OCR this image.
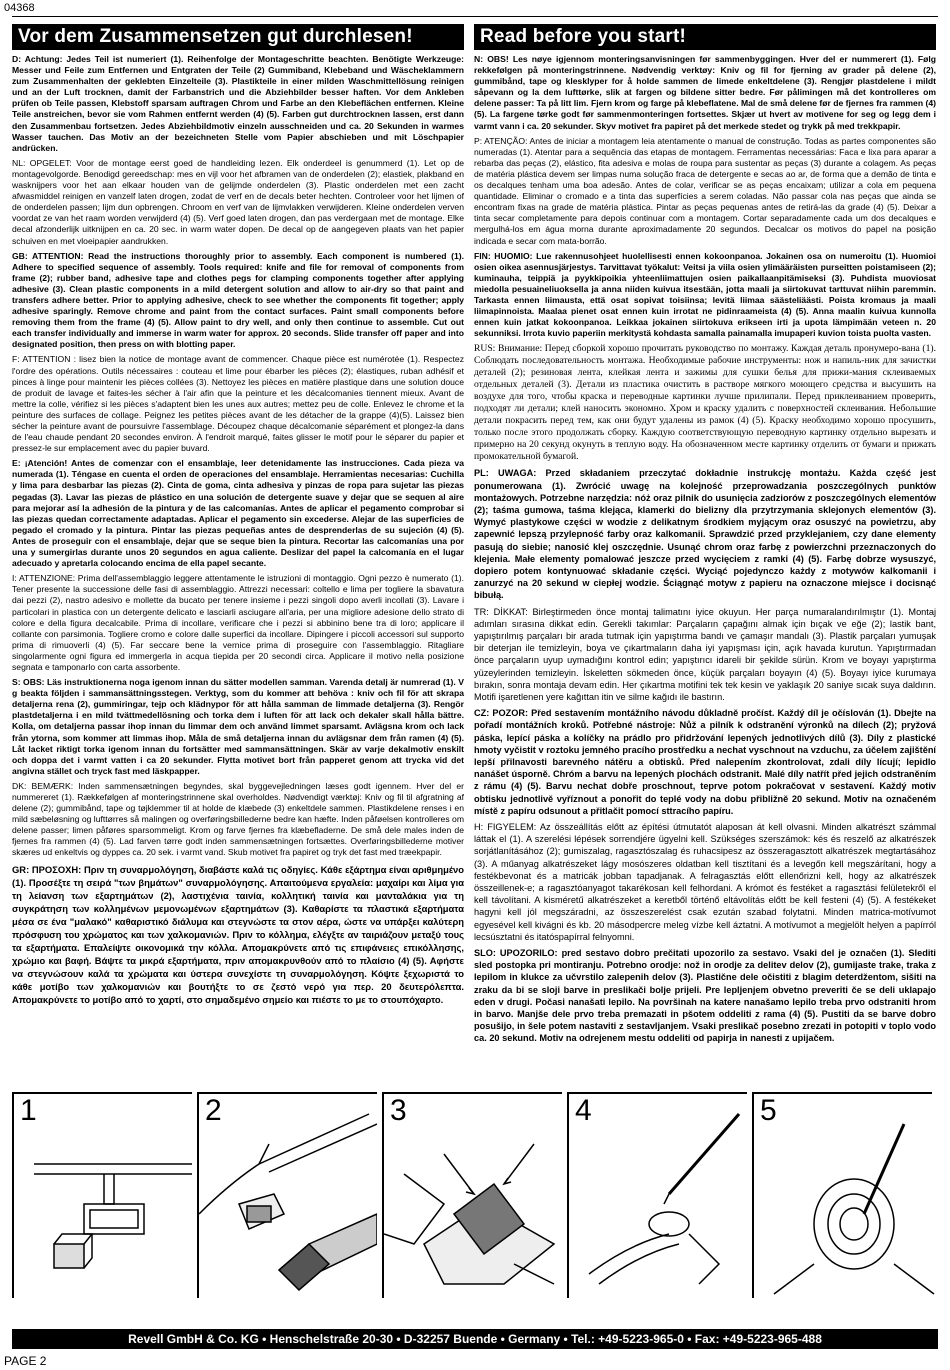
04368
Vor dem Zusammensetzen gut durchlesen!

D: Achtung: Jedes Teil ist numeriert (1). Reihenfolge der Montageschritte beachten. Benötigte Werkzeuge: Messer und Feile zum Entfernen und Entgraten der Teile (2) Gummiband, Klebeband und Wäscheklammern zum Zusammenhalten der geklebten Einzelteile (3). Plastikteile in einer milden Waschmittellösung reinigen und an der Luft trocknen, damit der Farbanstrich und die Abziehbilder besser haften. Vor dem Ankleben prüfen ob Teile passen, Klebstoff sparsam auftragen Chrom und Farbe an den Klebeflächen entfernen. Kleine Teile anstreichen, bevor sie vom Rahmen entfernt werden (4) (5). Farben gut durchtrocknen lassen, erst dann den Zusammenbau fortsetzen. Jedes Abziehbildmotiv einzeln ausschneiden und ca. 20 Sekunden in warmes Wasser tauchen. Das Motiv an der bezeichneten Stelle vom Papier abschieben und mit Löschpapier andrücken.

NL: OPGELET: Voor de montage eerst goed de handleiding lezen. Elk onderdeel is genummerd (1). Let op de montagevolgorde. Benodigd gereedschap: mes en vijl voor het afbramen van de onderdelen (2); elastiek, plakband en wasknijpers voor het aan elkaar houden van de gelijmde onderdelen (3). Plastic onderdelen met een zacht afwasmiddel reinigen en vanzelf laten drogen, zodat de verf en de decals beter hechten. Controleer voor het lijmen of de onderdelen passen; lijm dun opbrengen. Chroom en verf van de lijmvlakken verwijderen. Kleine onderdelen verven voordat ze van het raam worden verwijderd (4) (5). Verf goed laten drogen, dan pas verdergaan met de montage. Elke decal afzonderlijk uitknijpen en ca. 20 sec. in warm water dopen. De decal op de aangegeven plaats van het papier schuiven en met vloeipapier aandrukken.

GB: ATTENTION: Read the instructions thoroughly prior to assembly. Each component is numbered (1). Adhere to specified sequence of assembly. Tools required: knife and file for removal of components from frame (2); rubber band, adhesive tape and clothes pegs for clamping components together after applying adhesive (3). Clean plastic components in a mild detergent solution and allow to air-dry so that paint and transfers adhere better. Prior to applying adhesive, check to see whether the components fit together; apply adhesive sparingly. Remove chrome and paint from the contact surfaces. Paint small components before removing them from the frame (4) (5). Allow paint to dry well, and only then continue to assemble. Cut out each transfer individually and immerse in warm water for approx. 20 seconds. Slide transfer off paper and into designated position, then press on with blotting paper.

F: ATTENTION : lisez bien la notice de montage avant de commencer. Chaque pièce est numérotée (1). Respectez l'ordre des opérations. Outils nécessaires : couteau et lime pour ébarber les pièces (2); élastiques, ruban adhésif et pinces à linge pour maintenir les pièces collées (3). Nettoyez les pièces en matière plastique dans une solution douce de produit de lavage et faites-les sécher à l'air afin que la peinture et les décalcomanies tiennent mieux. Avant de mettre la colle, vérifiez si les pièces s'adaptent bien les unes aux autres; mettez peu de colle. Enlevez le chrome et la peinture des surfaces de collage. Peignez les petites pièces avant de les détacher de la grappe (4)(5). Laissez bien sécher la peinture avant de poursuivre l'assemblage. Découpez chaque décalcomanie séparément et plongez-la dans de l'eau chaude pendant 20 secondes environ. À l'endroit marqué, faites glisser le motif pour le séparer du papier et pressez-le sur emplacement avec du papier buvard.

E: ¡Atención! Antes de comenzar con el ensamblaje, leer detenidamente las instrucciones. Cada pieza va numerada (1). Téngase en cuenta el orden de operaciones del ensamblaje. Herramientas necesarias: Cuchilla y lima para desbarbar las piezas (2). Cinta de goma, cinta adhesiva y pinzas de ropa para sujetar las piezas pegadas (3). Lavar las piezas de plástico en una solución de detergente suave y dejar que se sequen al aire para mejorar así la adhesión de la pintura y de las calcomanías. Antes de aplicar el pegamento comprobar si las piezas quedan correctamente adaptadas. Aplicar el pegamento sin excederse. Alejar de las superficies de pegado el cromado y la pintura. Pintar las piezas pequeñas antes de desprenderlas de su sujeción (4) (5). Antes de proseguir con el ensamblaje, dejar que se seque bien la pintura. Recortar las calcomanías una por una y sumergirlas durante unos 20 segundos en agua caliente. Deslizar del papel la calcomanía en el lugar adecuado y apretarla colocando encima de ella papel secante.

I: ATTENZIONE: Prima dell'assemblaggio leggere attentamente le istruzioni di montaggio. Ogni pezzo è numerato (1). Tener presente la successione delle fasi di assemblaggio. Attrezzi necessari: coltello e lima per togliere la sbavatura dai pezzi (2), nastro adesivo e mollette da bucato per tenere insieme i pezzi singoli dopo averli incollati (3). Lavare i particolari in plastica con un detergente delicato e lasciarli asciugare all'aria, per una migliore adesione dello strato di colore e della figura decalcabile. Prima di incollare, verificare che i pezzi si abbinino bene tra di loro; applicare il collante con parsimonia. Togliere cromo e colore dalle superfici da incollare. Dipingere i piccoli accessori sul supporto prima di rimuoverli (4) (5). Far seccare bene la vernice prima di proseguire con l'assemblaggio. Ritagliare singolarmente ogni figura ed immergerla in acqua tiepida per 20 secondi circa. Applicare il motivo nella posizione segnata e tamponarlo con carta assorbente.

S: OBS: Läs instruktionerna noga igenom innan du sätter modellen samman. Varenda detalj är numrerad (1). V g beakta följden i sammansättningsstegen. Verktyg, som du kommer att behöva : kniv och fil för att skrapa detaljerna rena (2), gummiringar, tejp och klädnypor för att hålla samman de limmade detaljerna (3). Rengör plastdetaljerna i en mild tvättmedellösning och torka dem i luften för att lack och dekaler skall hålla bättre. Kolla, om detaljerna passar ihop innan du limmar dem och använd limmet sparsamt. Avlägsna krom och lack från ytorna, som kommer att limmas ihop. Måla de små detaljerna innan du avlägsnar dem från ramen (4) (5). Låt lacket riktigt torka igenom innan du fortsätter med sammansättningen. Skär av varje dekalmotiv enskilt och doppa det i varmt vatten i ca 20 sekunder. Flytta motivet bort från papperet genom att trycka vid det angivna stället och tryck fast med läskpapper.

DK: BEMÆRK: Inden sammensætningen begyndes, skal byggevejledningen læses godt igennem. Hver del er nummereret (1). Rækkefølgen af monteringstrinnene skal overholdes. Nødvendigt værktøj: Kniv og fil til afgratning af delene (2); gummibånd, tape og tøjklemmer til at holde de klæbede (3) enkeltdele sammen. Plastikdelene renses i en mild sæbeløsning og lufttørres så malingen og overføringsbillederne bedre kan hæfte. Inden påføelsen kontrolleres om delene passer; limen påføres sparsommeligt. Krom og farve fjernes fra klæbefladerne. De små dele males inden de fjernes fra rammen (4) (5). Lad farven tørre godt inden sammensætningen fortsættes. Overføringsbillederne motiver skæres ud enkeltvis og dyppes ca. 20 sek. i varmt vand. Skub motivet fra papiret og tryk det fast med træekpapir.

GR: ΠΡΟΣΟΧΗ: Πριν τη συναρμολόγηση, διαβάστε καλά τις οδηγίες. Κάθε εξάρτημα είναι αριθμημένο (1). Προσέξτε τη σειρά "των βημάτων" συναρμολόγησης. Απαιτούμενα εργαλεία: μαχαίρι και λίμα για τη λείανση των εξαρτημάτων (2), λαστιχένια ταινία, κολλητική ταινία και μανταλάκια για τη συγκράτηση των κολλημένων μεμονωμένων εξαρτημάτων (3). Καθαρίστε τα πλαστικά εξαρτήματα μέσα σε ένα "μαλακό" καθαριστικό διάλυμα και στεγνώστε τα στον αέρα, ώστε να υπάρξει καλύτερη πρόσφυση του χρώματος και των χαλκομανιών. Πριν το κόλλημα, ελέγξτε αν ταιριάζουν μεταξύ τους τα εξαρτήματα. Επαλείψτε οικονομικά την κόλλα. Απομακρύνετε από τις επιφάνειες επικόλλησης, χρώμιο και βαφή. Βάψτε τα μικρά εξαρτήματα, πριν απομακρυνθούν από το πλαίσιο (4) (5). Αφήστε να στεγνώσουν καλά τα χρώματα και ύστερα συνεχίστε τη συναρμολόγηση. Κόψτε ξεχωριστά το κάθε μοτίβο των χαλκομανιών και βουτήξτε το σε ζεστό νερό για περ. 20 δευτερόλεπτα. Απομακρύνετε το μοτίβο από το χαρτί, στο σημαδεμένο σημείο και πιέστε το με το στουπόχαρτο.

Read before you start!

N: OBS! Les nøye igjennom monteringsanvisningen før sammenbyggingen. Hver del er nummerert (1). Følg rekkefølgen på monteringstrinnene. Nødvendig verktøy: Kniv og fil for fjerning av grader på delene (2), gummibånd, tape og klesklyper for å holde sammen de limede enkeltdelene (3). Rengjør plastdelene i mildt såpevann og la dem lufttørke, slik at fargen og bildene sitter bedre. Før pålimingen må det kontrolleres om delene passer: Ta på litt lim. Fjern krom og farge på klebeflatene. Mal de små delene før de fjernes fra rammen (4) (5). La fargene tørke godt før sammenmonteringen fortsettes. Skjær ut hvert av motivene for seg og legg dem i varmt vann i ca. 20 sekunder. Skyv motivet fra papiret på det merkede stedet og trykk på med trekkpapir.

P: ATENÇÃO: Antes de iniciar a montagem leia atentamente o manual de construção. Todas as partes componentes são numeradas (1). Atentar para a sequência das etapas de montagem. Ferramentas necessárias: Faca e lixa para aparar a rebarba das peças (2), elástico, fita adesiva e molas de roupa para sustentar as peças (3) durante a colagem. As peças de matéria plástica devem ser limpas numa solução fraca de detergente e secas ao ar, de forma que a demão de tinta e os decalques tenham uma boa adesão. Antes de colar, verificar se as peças encaixam; utilizar a cola em pequena quantidade. Eliminar o cromado e a tinta das superfícies a serem coladas. Não passar cola nas peças que ainda se encontram fixas na grade de matéria plástica. Pintar as peças pequenas antes de retirá-las da grade (4) (5). Deixar a tinta secar completamente para depois continuar com a montagem. Cortar separadamente cada um dos decalques e mergulhá-los em água morna durante aproximadamente 20 segundos. Decalcar os motivos do papel na posição indicada e secar com mata-borrão.

FIN: HUOMIO: Lue rakennusohjeet huolellisesti ennen kokoonpanoa. Jokainen osa on numeroitu (1). Huomioi osien oikea asennusjärjestys. Tarvittavat työkalut: Veitsi ja viila osien ylimääräisten purseitten poistamiseen (2); kuminauha, teippiä ja pyykkipoikia yhteenliimattujen osien paikallaanpitämiseksi (3). Puhdista muoviosat miedolla pesuaineliuoksella ja anna niiden kuivua itsestään, jotta maali ja siirtokuvat tarttuvat niihin paremmin. Tarkasta ennen liimausta, että osat sopivat toisiinsa; levitä liimaa säästeliäästi. Poista kromaus ja maali liimapinnoista. Maalaa pienet osat ennen kuin irrotat ne pidinraameista (4) (5). Anna maalin kuivua kunnolla ennen kuin jatkat kokoonpanoa. Leikkaa jokainen siirtokuva erikseen irti ja upota lämpimään veteen n. 20 sekunniksi. Irrota kuvio paperiin merkitystä kohdasta samalla painamalla imupaperi kuvion toista puolta vasten.

RUS: Внимание: Перед сборкой хорошо прочитать руководство по монтажу. Каждая деталь пронумеро-вана (1). Соблюдать последовательность монтажа. Необходимые рабочие инструменты: нож и напиль-ник для зачистки деталей (2); резиновая лента, клейкая лента и зажимы для сушки белья для прижи-мания склеиваемых отдельных деталей (3). Детали из пластика очистить в растворе мягкого моющего средства и высушить на воздухе для того, чтобы краска и переводные картинки лучше прилипали. Перед приклеиванием проверить, подходят ли детали; клей наносить экономно. Хром и краску удалить с поверхностей склеивания. Небольшие детали покрасить перед тем, как они будут удалены из рамок (4) (5). Краску необходимо хорошо просушить, только после этого продолжать сборку. Каждую соответствующую переводную картинку отдельно вырезать и примерно на 20 секунд окунуть в теплую воду. На обозначенном месте картинку отделить от бумаги и прижать промокательной бумагой.

PL: UWAGA: Przed składaniem przeczytać dokładnie instrukcję montażu. Każda część jest ponumerowana (1). Zwrócić uwagę na kolejność przeprowadzania poszczególnych punktów montażowych. Potrzebne narzędzia: nóż oraz pilnik do usunięcia zadziorów z poszczególnych elementów (2); taśma gumowa, taśma klejąca, klamerki do bielizny dla przytrzymania sklejonych elementów (3). Wymyć plastykowe części w wodzie z delikatnym środkiem myjącym oraz osuszyć na powietrzu, aby zapewnić lepszą przylepność farby oraz kalkomanii. Sprawdzić przed przyklejaniem, czy dane elementy pasują do siebie; nanosić klej oszczędnie. Usunąć chrom oraz farbę z powierzchni przeznaczonych do klejenia. Małe elementy pomalować jeszcze przed wycięciem z ramki (4) (5). Farbę dobrze wysuszyć, dopiero potem kontynuować składanie części. Wyciąć pojedynczo każdy z motywów kalkomanii i zanurzyć na 20 sekund w ciepłej wodzie. Ściągnąć motyw z papieru na oznaczone miejsce i docisnąć bibułą.

TR: DİKKAT: Birleştirmeden önce montaj talimatını iyice okuyun. Her parça numaralandırılmıştır (1). Montaj adımları sırasına dikkat edin. Gerekli takımlar: Parçaların çapağını almak için bıçak ve eğe (2); lastik bant, yapıştırılmış parçaları bir arada tutmak için yapıştırma bandı ve çamaşır mandalı (3). Plastik parçaları yumuşak bir deterjan ile temizleyin, boya ve çıkartmaların daha iyi yapışması için, açık havada kurutun. Yapıştırmadan önce parçaların uyup uymadığını kontrol edin; yapıştırıcı idareli bir şekilde sürün. Krom ve boyayı yapıştırma yüzeylerinden temizleyin. İskeletten sökmeden önce, küçük parçaları boyayın (4) (5). Boyayı iyice kurumaya bırakın, sonra montaja devam edin. Her çıkartma motifini tek tek kesin ve yaklaşık 20 saniye sıcak suya daldırın. Motifi işaretlenen yere kağıttan itin ve silme kağıdı ile bastırın.

CZ: POZOR: Před sestavením montážního návodu důkladně pročíst. Každý díl je očíslován (1). Dbejte na pořadí montážních kroků. Potřebné nástroje: Nůž a pilník k odstranění výronků na dílech (2); pryžová páska, lepící páska a kolíčky na prádlo pro přidržování lepených jednotlivých dílů (3). Díly z plastické hmoty vyčistit v roztoku jemného pracího prostředku a nechat vyschnout na vzduchu, za účelem zajištění lepší přilnavosti barevného nátěru a obtisků. Před nalepením zkontrolovat, zdali díly lícují; lepidlo nanášet úsporně. Chróm a barvu na lepených plochách odstranit. Malé díly natřít před jejich odstraněním z rámu (4) (5). Barvu nechat dobře proschnout, teprve potom pokračovat v sestavení. Každý motiv obtisku jednotlivě vyříznout a ponořit do teplé vody na dobu přibližně 20 sekund. Motiv na označeném místě z papíru odsunout a přitlačit pomocí sttracího papíru.

H: FIGYELEM: Az összeállítás előtt az építési útmutatót alaposan át kell olvasni. Minden alkatrészt számmal láttak el (1). A szerelési lépések sorrendjére ügyelni kell. Szükséges szerszámok: kés és reszelő az alkatrészek sorjátlanításához (2); gumiszalag, ragasztószalag és ruhacsipesz az összeragasztott alkatrészek megtartásához (3). A műanyag alkatrészeket lágy mosószeres oldatban kell tisztítani és a levegőn kell megszárítani, hogy a festékbevonat és a matricák jobban tapadjanak. A felragasztás előtt ellenőrizni kell, hogy az alkatrészek összeillenek-e; a ragasztóanyagot takarékosan kell felhordani. A krómot és festéket a ragasztási felületekről el kell távolítani. A kisméretű alkatrészeket a keretből történő eltávolítás előtt be kell festeni (4) (5). A festékeket hagyni kell jól megszáradni, az összeszerelést csak ezután szabad folytatni. Minden matrica-motívumot egyesével kell kivágni és kb. 20 másodpercre meleg vízbe kell áztatni. A motívumot a megjelölt helyen a papírról lecsúsztatni és itatóspapírral felnyomni.

SLO: UPOZORILO: pred sestavo dobro prečitati upozorilo za sestavo. Vsaki del je označen (1). Slediti sled postopka pri montiranju. Potrebno orodje: nož in orodje za delitev delov (2), gumijaste trake, traka z lepilom in klukce za učvrstilo zalepenih delov (3). Plastične dele očistiti z blagim deterdžentom, sišiti na zraku da bi se sloji barve in preslikači bolje prijeli. Pre lepljenjem obvetno preveriti če se deli uklapajo eden v drugi. Počasi nanašati lepilo. Na površinah na katere nanašamo lepilo treba prvo odstraniti hrom in barvo. Manjše dele prvo treba premazati in pšotem oddeliti z rama (4) (5). Pustiti da se barve dobro posušijo, in šele potem nastaviti z sestavljanjem. Vsaki preslikač posebno zrezati in potopiti v toplo vodo ca. 20 sekund. Motiv na odrejenem mestu oddeliti od papirja in nanesti z upijačem.

1	2	3	4	5
Revell GmbH & Co. KG • Henschelstraße 20-30 • D-32257 Buende • Germany • Tel.: +49-5223-965-0 • Fax: +49-5223-965-488
PAGE 2
